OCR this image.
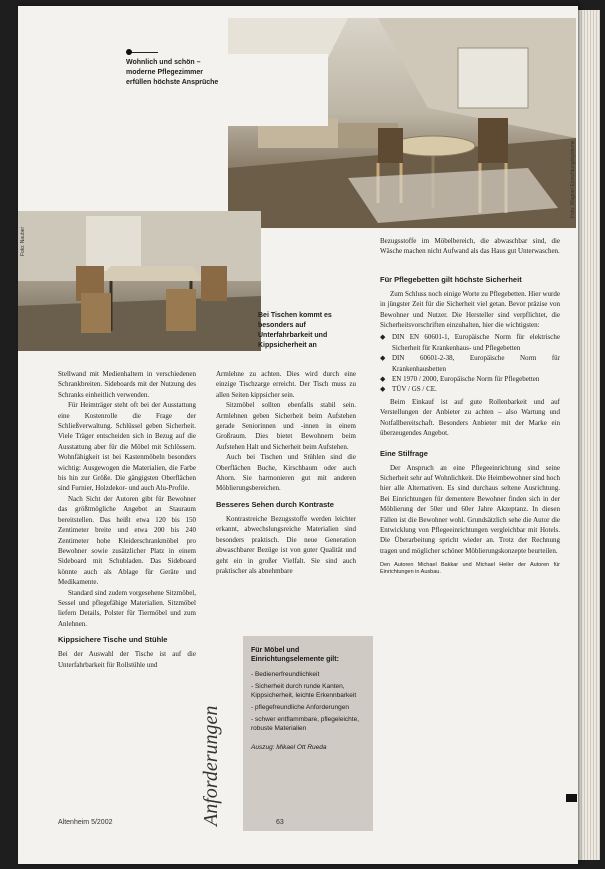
Wohnlich und schön – moderne Pflegezimmer erfüllen höchste Ansprüche
Foto: Wagner Einrichtungssysteme
Foto: Nauber
Bei Tischen kommt es besonders auf Unterfahrbarkeit und Kippsicherheit an

Stellwand mit Medienhaltern in verschiedenen Schrankbreiten. Sideboards mit der Nutzung des Schranks einheitlich verwenden.

Für Heimträger steht oft bei der Ausstattung eine Kostenrolle die Frage der Schließverwaltung. Schlüssel geben Sicherheit. Viele Träger entscheiden sich in Bezug auf die Ausstattung aber für die Möbel mit Schlössern. Wohnfähigkeit ist bei Kastenmöbeln besonders wichtig: Ausgewogen die Materialien, die Farbe bis hin zur Größe. Die gängigsten Oberflächen sind Furnier, Holzdekor- und auch Alu-Profile.

Nach Sicht der Autoren gibt für Bewohner das größtmögliche Angebot an Stauraum bereitstellen. Das heißt etwa 120 bis 150 Zentimeter breite und etwa 200 bis 240 Zentimeter hohe Kleiderschrankmöbel pro Bewohner sowie zusätzlicher Platz in einem Sideboard mit Schubladen. Das Sideboard könnte auch als Ablage für Geräte und Medikamente.

Standard sind zudem vorgesehene Sitzmöbel, Sessel und pflegefähige Materialien. Sitzmöbel liefern Details, Polster für Tiermöbel und zum Anlehnen.

Kippsichere Tische und Stühle

Bei der Auswahl der Tische ist auf die Unterfahrbarkeit für Rollstühle und

Armlehne zu achten. Dies wird durch eine einzige Tischzarge erreicht. Der Tisch muss zu allen Seiten kippsicher sein.

Sitzmöbel sollten ebenfalls stabil sein. Armlehnen geben Sicherheit beim Aufstehen gerade Seniorinnen und -innen in einem Großraum. Dies bietet Bewohnern beim Aufstehen Halt und Sicherheit beim Aufstehen.

Auch bei Tischen und Stühlen sind die Oberflächen Buche, Kirschbaum oder auch Ahorn. Sie harmonieren gut mit anderen Möblierungsbereichen.

Besseres Sehen durch Kontraste

Kontrastreiche Bezugsstoffe werden leichter erkannt, abwechslungsreiche Materialien sind besonders praktisch. Die neue Generation abwaschbarer Bezüge ist von guter Qualität und geht ein in großer Vielfalt. Sie sind auch praktischer als abnehmbare

Für Möbel und Einrichtungselemente gilt:
- Bedienerfreundlichkeit
- Sicherheit durch runde Kanten, Kippsicherheit, leichte Erkennbarkeit
- pflegefreundliche Anforderungen
- schwer entflammbare, pflegeleichte, robuste Materialien
Auszug: Mikael Ott Rueda
Anforderungen

Bezugsstoffe im Möbelbereich, die abwaschbar sind, die Wäsche machen nicht Aufwand als das Haus gut Unterwaschen.

Für Pflegebetten gilt höchste Sicherheit

Zum Schluss noch einige Worte zu Pflegebetten. Hier wurde in jüngster Zeit für die Sicherheit viel getan. Bevor präzise von Bewohner und Nutzer. Die Hersteller sind verpflichtet, die Sicherheitsvorschriften einzuhalten, hier die wichtigsten:

◆ DIN EN 60601-1, Europäische Norm für elektrische Sicherheit für Krankenhaus- und Pflegebetten
◆ DIN 60601-2-38, Europäische Norm für Krankenhausbetten
◆ EN 1970 / 2000, Europäische Norm für Pflegebetten
◆ TÜV / GS / CE.

Beim Einkauf ist auf gute Rollenbarkeit und auf Verstellungen der Anbieter zu achten – also Wartung und Notfallbereitschaft. Besonders Anbieter mit der Marke ein überzeugendes Angebot.

Eine Stilfrage

Der Anspruch an eine Pflegeeinrichtung sind seine Sicherheit sehr auf Wohnlichkeit. Die Heimbewohner sind hoch hier alle Alternativen. Es sind durchaus seltene Ausrichtung. Bei Einrichtungen für dementere Bewohner finden sich in der Möblierung der 50er und 60er Jahre Akzeptanz. In diesen Fällen ist die Bewohner wohl. Grundsätzlich sehe die Autor die Entwicklung von Pflegeeinrichtungen vergleichbar mit Hotels. Die Überarbeitung spricht wieder an. Trotz der Rechnung tragen und möglicher schöner Möblierungskonzepte beurteilen.

Den Autoren Michael Bakkar und Michael Heiler der Autoren für Einrichtungen in Ausbau.

Altenheim 5/2002	63
